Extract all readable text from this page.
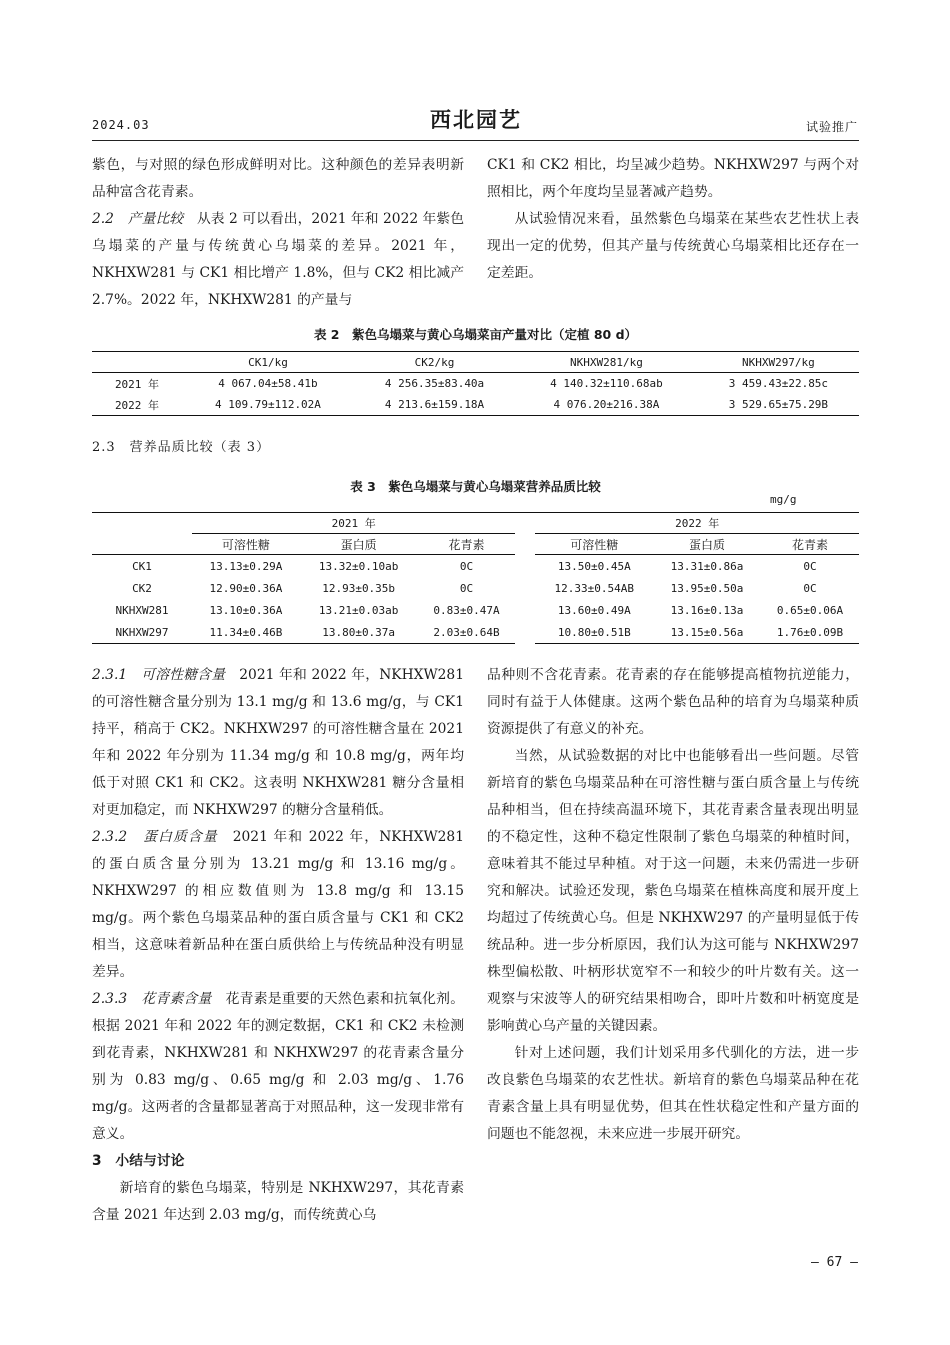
2024.03	西北园艺	试验推广

紫色，与对照的绿色形成鲜明对比。这种颜色的差异表明新品种富含花青素。

2.2　产量比较　从表 2 可以看出，2021 年和 2022 年紫色乌塌菜的产量与传统黄心乌塌菜的差异。2021 年，NKHXW281 与 CK1 相比增产 1.8%，但与 CK2 相比减产 2.7%。2022 年，NKHXW281 的产量与

CK1 和 CK2 相比，均呈减少趋势。NKHXW297 与两个对照相比，两个年度均呈显著减产趋势。

从试验情况来看，虽然紫色乌塌菜在某些农艺性状上表现出一定的优势，但其产量与传统黄心乌塌菜相比还存在一定差距。

表 2　紫色乌塌菜与黄心乌塌菜亩产量对比（定植 80 d）
	CK1/kg	CK2/kg	NKHXW281/kg	NKHXW297/kg
2021 年	4 067.04±58.41b	4 256.35±83.40a	4 140.32±110.68ab	3 459.43±22.85c
2022 年	4 109.79±112.02A	4 213.6±159.18A	4 076.20±216.38A	3 529.65±75.29B
2.3　营养品质比较（表 3）
表 3　紫色乌塌菜与黄心乌塌菜营养品质比较
mg/g
	2021 年				2022 年		
	可溶性糖	蛋白质	花青素		可溶性糖	蛋白质	花青素
CK1	13.13±0.29A	13.32±0.10ab	0C		13.50±0.45A	13.31±0.86a	0C
CK2	12.90±0.36A	12.93±0.35b	0C		12.33±0.54AB	13.95±0.50a	0C
NKHXW281	13.10±0.36A	13.21±0.03ab	0.83±0.47A		13.60±0.49A	13.16±0.13a	0.65±0.06A
NKHXW297	11.34±0.46B	13.80±0.37a	2.03±0.64B		10.80±0.51B	13.15±0.56a	1.76±0.09B

2.3.1　可溶性糖含量　2021 年和 2022 年，NKHXW281 的可溶性糖含量分别为 13.1 mg/g 和 13.6 mg/g，与 CK1 持平，稍高于 CK2。NKHXW297 的可溶性糖含量在 2021 年和 2022 年分别为 11.34 mg/g 和 10.8 mg/g，两年均低于对照 CK1 和 CK2。这表明 NKHXW281 糖分含量相对更加稳定，而 NKHXW297 的糖分含量稍低。

2.3.2　蛋白质含量　2021 年和 2022 年，NKHXW281 的蛋白质含量分别为 13.21 mg/g 和 13.16 mg/g。NKHXW297 的相应数值则为 13.8 mg/g 和 13.15 mg/g。两个紫色乌塌菜品种的蛋白质含量与 CK1 和 CK2 相当，这意味着新品种在蛋白质供给上与传统品种没有明显差异。

2.3.3　花青素含量　花青素是重要的天然色素和抗氧化剂。根据 2021 年和 2022 年的测定数据，CK1 和 CK2 未检测到花青素，NKHXW281 和 NKHXW297 的花青素含量分别为 0.83 mg/g、0.65 mg/g 和 2.03 mg/g、1.76 mg/g。这两者的含量都显著高于对照品种，这一发现非常有意义。

3　小结与讨论

新培育的紫色乌塌菜，特别是 NKHXW297，其花青素含量 2021 年达到 2.03 mg/g，而传统黄心乌

品种则不含花青素。花青素的存在能够提高植物抗逆能力，同时有益于人体健康。这两个紫色品种的培育为乌塌菜种质资源提供了有意义的补充。

当然，从试验数据的对比中也能够看出一些问题。尽管新培育的紫色乌塌菜品种在可溶性糖与蛋白质含量上与传统品种相当，但在持续高温环境下，其花青素含量表现出明显的不稳定性，这种不稳定性限制了紫色乌塌菜的种植时间，意味着其不能过早种植。对于这一问题，未来仍需进一步研究和解决。试验还发现，紫色乌塌菜在植株高度和展开度上均超过了传统黄心乌。但是 NKHXW297 的产量明显低于传统品种。进一步分析原因，我们认为这可能与 NKHXW297 株型偏松散、叶柄形状宽窄不一和较少的叶片数有关。这一观察与宋波等人的研究结果相吻合，即叶片数和叶柄宽度是影响黄心乌产量的关键因素。

针对上述问题，我们计划采用多代驯化的方法，进一步改良紫色乌塌菜的农艺性状。新培育的紫色乌塌菜品种在花青素含量上具有明显优势，但其在性状稳定性和产量方面的问题也不能忽视，未来应进一步展开研究。

— 67 —
